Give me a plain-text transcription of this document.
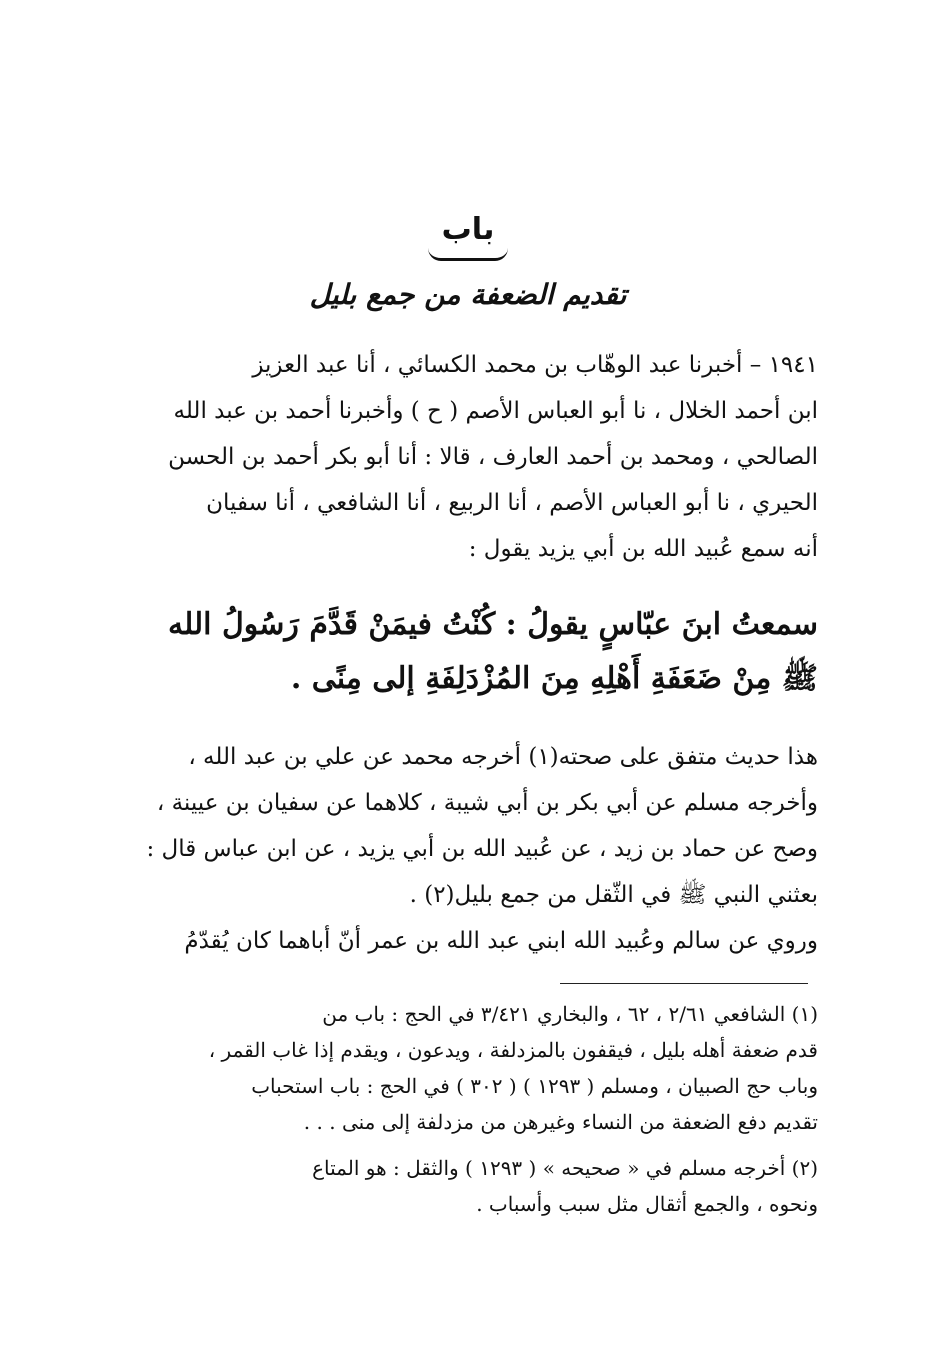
باب
تقديم الضعفة من جمع بليل
١٩٤١ – أخبرنا عبد الوهّاب بن محمد الكسائي ، أنا عبد العزيز
ابن أحمد الخلال ، نا أبو العباس الأصم ( ح ) وأخبرنا أحمد بن عبد الله
الصالحي ، ومحمد بن أحمد العارف ، قالا : أنا أبو بكر أحمد بن الحسن
الحيري ، نا أبو العباس الأصم ، أنا الربيع ، أنا الشافعي ، أنا سفيان
أنه سمع عُبيد الله بن أبي يزيد يقول :
سمعتُ ابنَ عبّاسٍ يقولُ : كُنْتُ فيمَنْ قَدَّمَ رَسُولُ الله
ﷺ مِنْ ضَعَفَةِ أَهْلِهِ مِنَ المُزْدَلِفَةِ إلى مِنًى .
هذا حديث متفق على صحته(١) أخرجه محمد عن علي بن عبد الله ،
وأخرجه مسلم عن أبي بكر بن أبي شيبة ، كلاهما عن سفيان بن عيينة ،
وصح عن حماد بن زيد ، عن عُبيد الله بن أبي يزيد ، عن ابن عباس قال :
بعثني النبي ﷺ في الثّقل من جمع بليل(٢) .
وروي عن سالم وعُبيد الله ابني عبد الله بن عمر أنّ أباهما كان يُقدّمُ
(١) الشافعي ٢/٦١ ، ٦٢ ، والبخاري ٣/٤٢١ في الحج : باب من
قدم ضعفة أهله بليل ، فيقفون بالمزدلفة ، ويدعون ، ويقدم إذا غاب القمر ،
وباب حج الصبيان ، ومسلم ( ١٢٩٣ ) ( ٣٠٢ ) في الحج : باب استحباب
تقديم دفع الضعفة من النساء وغيرهن من مزدلفة إلى منى . . .
(٢) أخرجه مسلم في « صحيحه » ( ١٢٩٣ ) والثقل : هو المتاع
ونحوه ، والجمع أثقال مثل سبب وأسباب .
